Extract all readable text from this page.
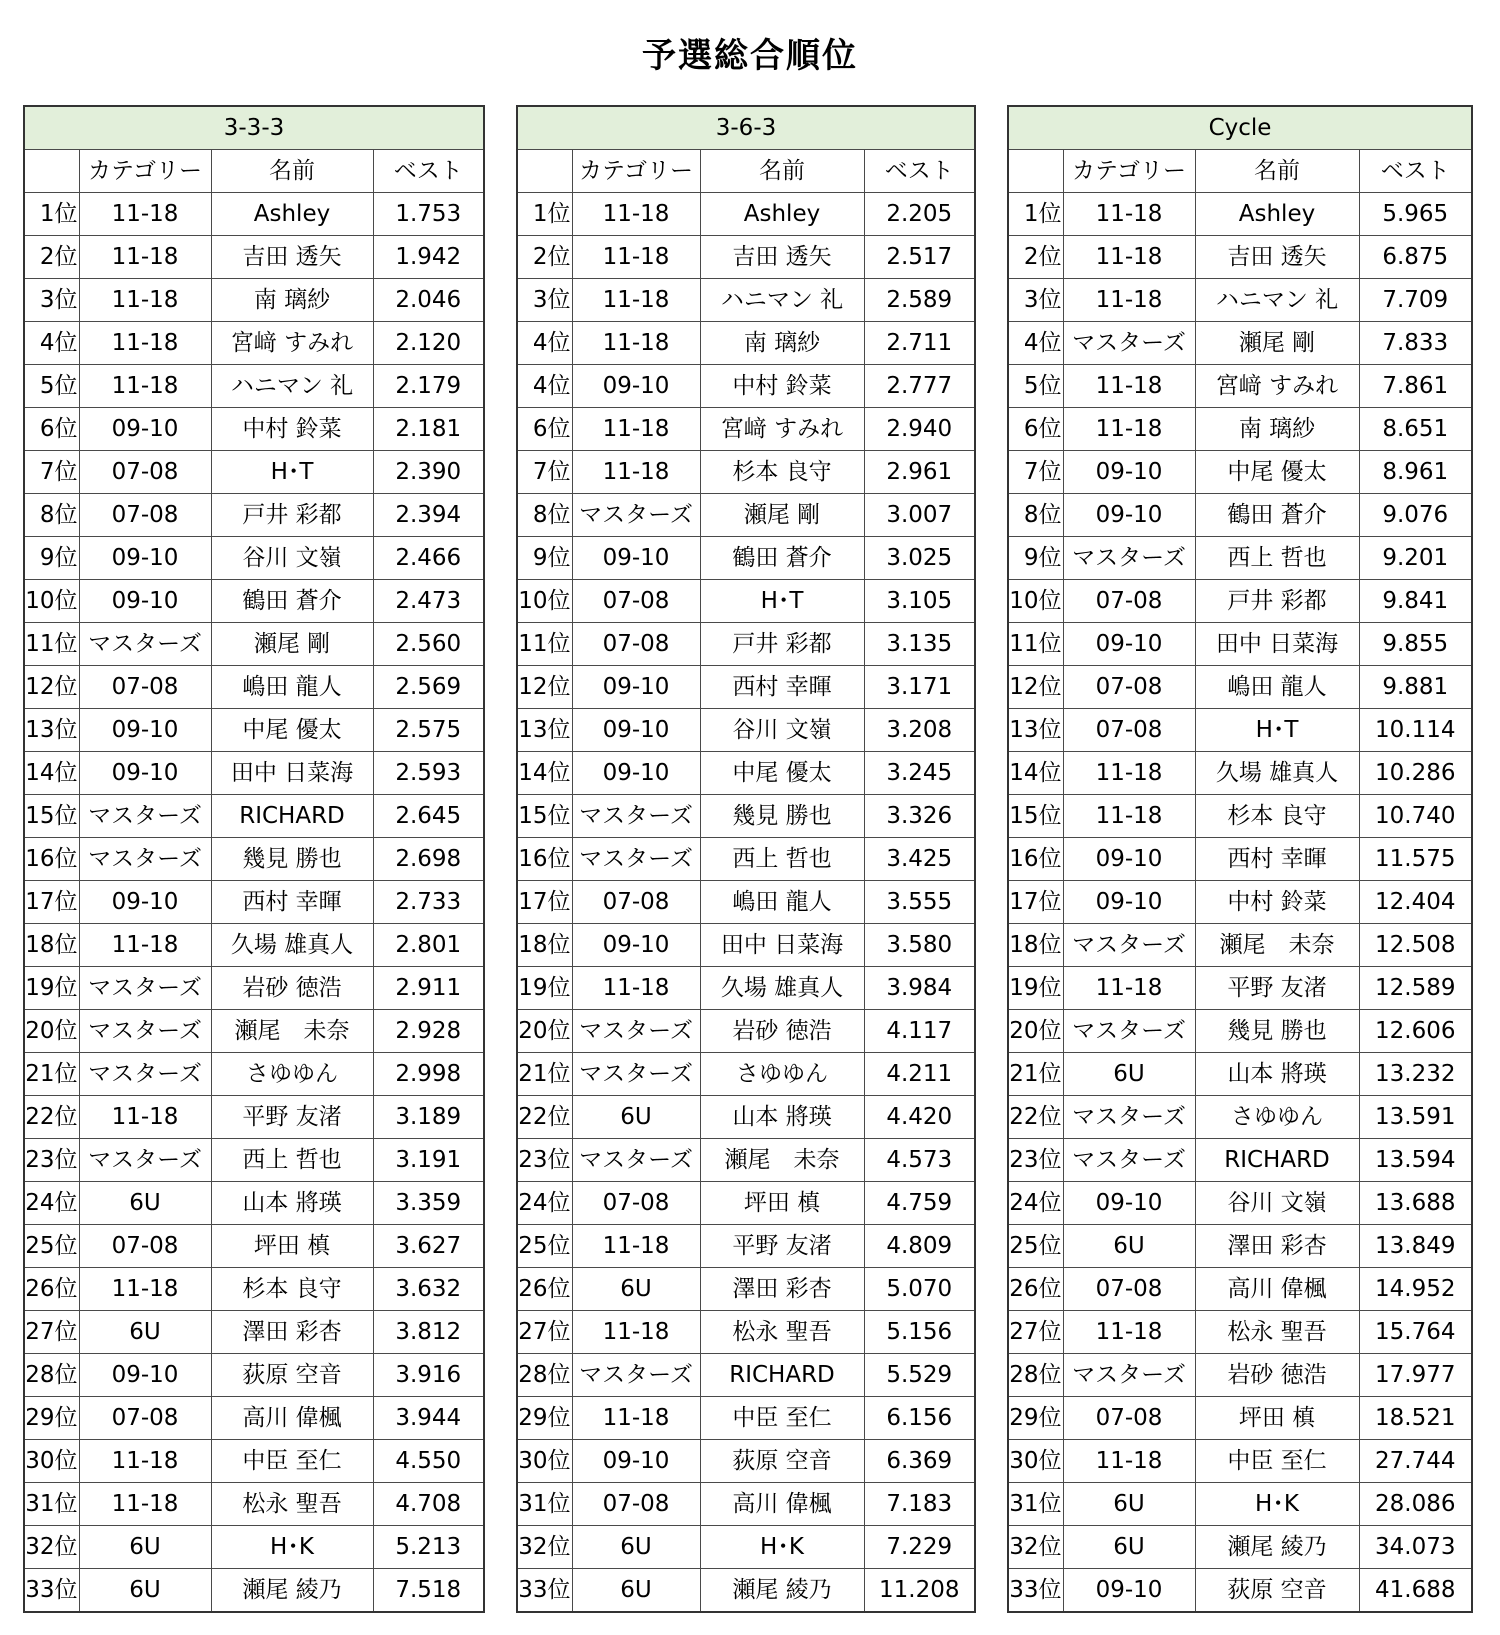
予選総合順位
3-3-3			
	カテゴリー	名前	ベスト
1位	11-18	Ashley	1.753
2位	11-18	吉田 透矢	1.942
3位	11-18	南 璃紗	2.046
4位	11-18	宮﨑 すみれ	2.120
5位	11-18	ハニマン 礼	2.179
6位	09-10	中村 鈴菜	2.181
7位	07-08	H･T	2.390
8位	07-08	戸井 彩都	2.394
9位	09-10	谷川 文嶺	2.466
10位	09-10	鶴田 蒼介	2.473
11位	マスターズ	瀬尾 剛	2.560
12位	07-08	嶋田 龍人	2.569
13位	09-10	中尾 優太	2.575
14位	09-10	田中 日菜海	2.593
15位	マスターズ	RICHARD	2.645
16位	マスターズ	幾見 勝也	2.698
17位	09-10	西村 幸暉	2.733
18位	11-18	久場 雄真人	2.801
19位	マスターズ	岩砂 徳浩	2.911
20位	マスターズ	瀬尾　未奈	2.928
21位	マスターズ	さゆゆん	2.998
22位	11-18	平野 友渚	3.189
23位	マスターズ	西上 哲也	3.191
24位	6U	山本 將瑛	3.359
25位	07-08	坪田 槙	3.627
26位	11-18	杉本 良守	3.632
27位	6U	澤田 彩杏	3.812
28位	09-10	荻原 空音	3.916
29位	07-08	高川 偉楓	3.944
30位	11-18	中臣 至仁	4.550
31位	11-18	松永 聖吾	4.708
32位	6U	H･K	5.213
33位	6U	瀬尾 綾乃	7.518
3-6-3			
	カテゴリー	名前	ベスト
1位	11-18	Ashley	2.205
2位	11-18	吉田 透矢	2.517
3位	11-18	ハニマン 礼	2.589
4位	11-18	南 璃紗	2.711
4位	09-10	中村 鈴菜	2.777
6位	11-18	宮﨑 すみれ	2.940
7位	11-18	杉本 良守	2.961
8位	マスターズ	瀬尾 剛	3.007
9位	09-10	鶴田 蒼介	3.025
10位	07-08	H･T	3.105
11位	07-08	戸井 彩都	3.135
12位	09-10	西村 幸暉	3.171
13位	09-10	谷川 文嶺	3.208
14位	09-10	中尾 優太	3.245
15位	マスターズ	幾見 勝也	3.326
16位	マスターズ	西上 哲也	3.425
17位	07-08	嶋田 龍人	3.555
18位	09-10	田中 日菜海	3.580
19位	11-18	久場 雄真人	3.984
20位	マスターズ	岩砂 徳浩	4.117
21位	マスターズ	さゆゆん	4.211
22位	6U	山本 將瑛	4.420
23位	マスターズ	瀬尾　未奈	4.573
24位	07-08	坪田 槙	4.759
25位	11-18	平野 友渚	4.809
26位	6U	澤田 彩杏	5.070
27位	11-18	松永 聖吾	5.156
28位	マスターズ	RICHARD	5.529
29位	11-18	中臣 至仁	6.156
30位	09-10	荻原 空音	6.369
31位	07-08	高川 偉楓	7.183
32位	6U	H･K	7.229
33位	6U	瀬尾 綾乃	11.208
Cycle			
	カテゴリー	名前	ベスト
1位	11-18	Ashley	5.965
2位	11-18	吉田 透矢	6.875
3位	11-18	ハニマン 礼	7.709
4位	マスターズ	瀬尾 剛	7.833
5位	11-18	宮﨑 すみれ	7.861
6位	11-18	南 璃紗	8.651
7位	09-10	中尾 優太	8.961
8位	09-10	鶴田 蒼介	9.076
9位	マスターズ	西上 哲也	9.201
10位	07-08	戸井 彩都	9.841
11位	09-10	田中 日菜海	9.855
12位	07-08	嶋田 龍人	9.881
13位	07-08	H･T	10.114
14位	11-18	久場 雄真人	10.286
15位	11-18	杉本 良守	10.740
16位	09-10	西村 幸暉	11.575
17位	09-10	中村 鈴菜	12.404
18位	マスターズ	瀬尾　未奈	12.508
19位	11-18	平野 友渚	12.589
20位	マスターズ	幾見 勝也	12.606
21位	6U	山本 將瑛	13.232
22位	マスターズ	さゆゆん	13.591
23位	マスターズ	RICHARD	13.594
24位	09-10	谷川 文嶺	13.688
25位	6U	澤田 彩杏	13.849
26位	07-08	高川 偉楓	14.952
27位	11-18	松永 聖吾	15.764
28位	マスターズ	岩砂 徳浩	17.977
29位	07-08	坪田 槙	18.521
30位	11-18	中臣 至仁	27.744
31位	6U	H･K	28.086
32位	6U	瀬尾 綾乃	34.073
33位	09-10	荻原 空音	41.688
